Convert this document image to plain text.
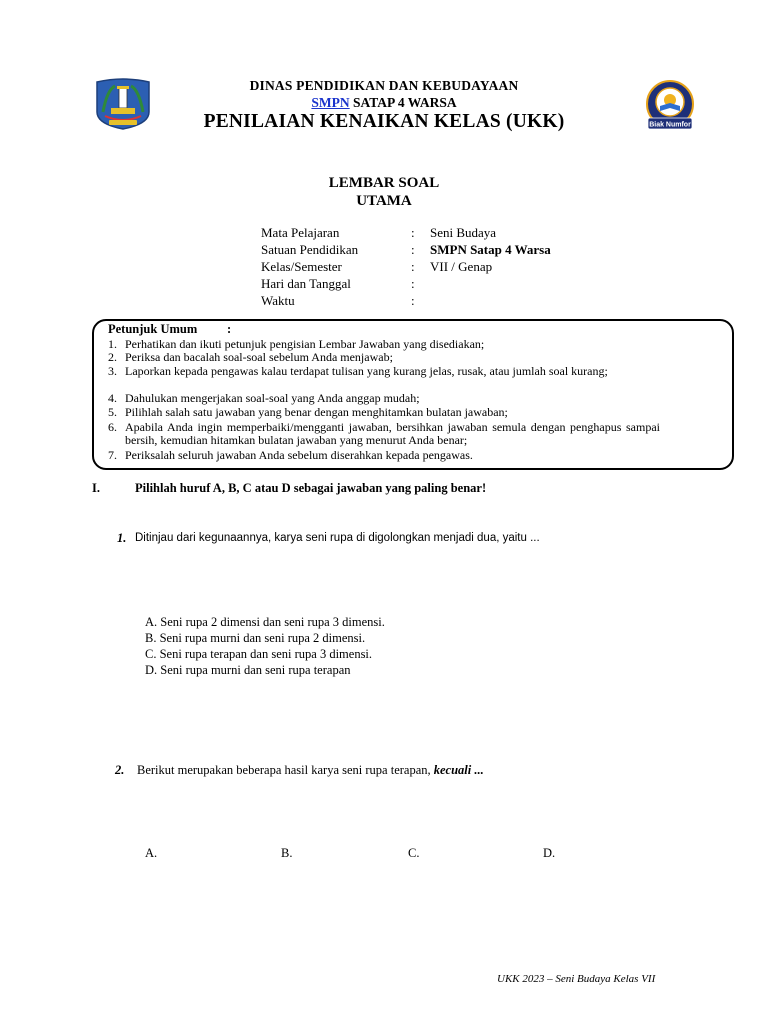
Biak Numfor
DINAS PENDIDIKAN DAN KEBUDAYAAN
SMPN SATAP 4 WARSA
PENILAIAN KENAIKAN KELAS (UKK)
LEMBAR SOAL
UTAMA
Mata Pelajaran	: Seni Budaya
Satuan Pendidikan	: SMPN Satap 4 Warsa
Kelas/Semester	: VII / Genap
Hari dan Tanggal	:
Waktu	:
Petunjuk Umum :
1. Perhatikan dan ikuti petunjuk pengisian Lembar Jawaban yang disediakan;
2. Periksa dan bacalah soal-soal sebelum Anda menjawab;
3. Laporkan kepada pengawas kalau terdapat tulisan yang kurang jelas, rusak, atau jumlah soal kurang;
4. Dahulukan mengerjakan soal-soal yang Anda anggap mudah;
5. Pilihlah salah satu jawaban yang benar dengan menghitamkan bulatan jawaban;
6. Apabila Anda ingin memperbaiki/mengganti jawaban, bersihkan jawaban semula dengan penghapus sampai bersih, kemudian hitamkan bulatan jawaban yang menurut Anda benar;
7. Periksalah seluruh jawaban Anda sebelum diserahkan kepada pengawas.
I.	Pilihlah huruf A, B, C atau D sebagai jawaban yang paling benar!
1. Ditinjau dari kegunaannya, karya seni rupa di digolongkan menjadi dua, yaitu ...
A. Seni rupa 2 dimensi dan seni rupa 3 dimensi.
B. Seni rupa murni dan seni rupa 2 dimensi.
C. Seni rupa terapan dan seni rupa 3 dimensi.
D. Seni rupa murni dan seni rupa terapan
2. Berikut merupakan beberapa hasil karya seni rupa terapan, kecuali ...
A.	B.	C.	D.
UKK 2023 – Seni Budaya Kelas VII
